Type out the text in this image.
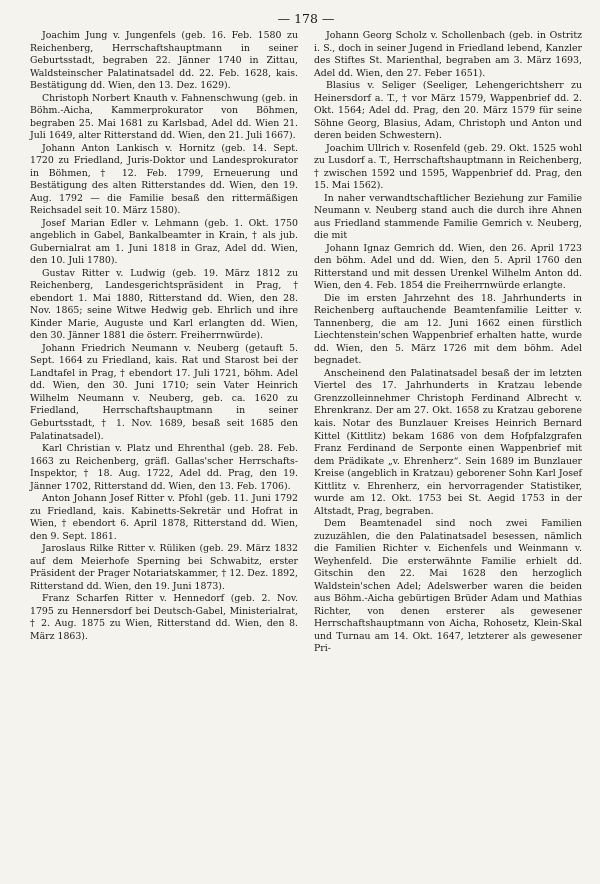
— 178 —

Joachim Jung v. Jungenfels (geb. 16. Feb. 1580 zu Reichenberg, Herrschaftshauptmann in seiner Geburtsstadt, begraben 22. Jänner 1740 in Zittau, Waldsteinscher Palatinatsadel dd. 22. Feb. 1628, kais. Bestätigung dd. Wien, den 13. Dez. 1629).

Christoph Norbert Knauth v. Fahnenschwung (geb. in Böhm.-Aicha, Kammerprokurator von Böhmen, begraben 25. Mai 1681 zu Karlsbad, Adel dd. Wien 21. Juli 1649, alter Ritterstand dd. Wien, den 21. Juli 1667).

Johann Anton Lankisch v. Hornitz (geb. 14. Sept. 1720 zu Friedland, Juris-Doktor und Landesprokurator in Böhmen, † 12. Feb. 1799, Erneuerung und Bestätigung des alten Ritterstandes dd. Wien, den 19. Aug. 1792 — die Familie besaß den rittermäßigen Reichsadel seit 10. März 1580).

Josef Marian Edler v. Lehmann (geb. 1. Okt. 1750 angeblich in Gabel, Bankalbeamter in Krain, † als jub. Gubernialrat am 1. Juni 1818 in Graz, Adel dd. Wien, den 10. Juli 1780).

Gustav Ritter v. Ludwig (geb. 19. März 1812 zu Reichenberg, Landesgerichtspräsident in Prag, † ebendort 1. Mai 1880, Ritterstand dd. Wien, den 28. Nov. 1865; seine Witwe Hedwig geb. Ehrlich und ihre Kinder Marie, Auguste und Karl erlangten dd. Wien, den 30. Jänner 1881 die österr. Freiherrnwürde).

Johann Friedrich Neumann v. Neuberg (getauft 5. Sept. 1664 zu Friedland, kais. Rat und Starost bei der Landtafel in Prag, † ebendort 17. Juli 1721, böhm. Adel dd. Wien, den 30. Juni 1710; sein Vater Heinrich Wilhelm Neumann v. Neuberg, geb. ca. 1620 zu Friedland, Herrschaftshauptmann in seiner Geburtsstadt, † 1. Nov. 1689, besaß seit 1685 den Palatinatsadel).

Karl Christian v. Platz und Ehrenthal (geb. 28. Feb. 1663 zu Reichenberg, gräfl. Gallas'scher Herrschafts-Inspektor, † 18. Aug. 1722, Adel dd. Prag, den 19. Jänner 1702, Ritterstand dd. Wien, den 13. Feb. 1706).

Anton Johann Josef Ritter v. Pfohl (geb. 11. Juni 1792 zu Friedland, kais. Kabinetts-Sekretär und Hofrat in Wien, † ebendort 6. April 1878, Ritterstand dd. Wien, den 9. Sept. 1861.

Jaroslaus Rilke Ritter v. Rüliken (geb. 29. März 1832 auf dem Meierhofe Sperning bei Schwabitz, erster Präsident der Prager Notariatskammer, † 12. Dez. 1892, Ritterstand dd. Wien, den 19. Juni 1873).

Franz Scharfen Ritter v. Hennedorf (geb. 2. Nov. 1795 zu Hennersdorf bei Deutsch-Gabel, Ministerialrat, † 2. Aug. 1875 zu Wien, Ritterstand dd. Wien, den 8. März 1863).

Johann Georg Scholz v. Schollenbach (geb. in Ostritz i. S., doch in seiner Jugend in Friedland lebend, Kanzler des Stiftes St. Marienthal, begraben am 3. März 1693, Adel dd. Wien, den 27. Feber 1651).

Blasius v. Seliger (Seeliger, Lehengerichtsherr zu Heinersdorf a. T., † vor März 1579, Wappenbrief dd. 2. Okt. 1564; Adel dd. Prag, den 20. März 1579 für seine Söhne Georg, Blasius, Adam, Christoph und Anton und deren beiden Schwestern).

Joachim Ullrich v. Rosenfeld (geb. 29. Okt. 1525 wohl zu Lusdorf a. T., Herrschaftshauptmann in Reichenberg, † zwischen 1592 und 1595, Wappenbrief dd. Prag, den 15. Mai 1562).

In naher verwandtschaftlicher Beziehung zur Familie Neumann v. Neuberg stand auch die durch ihre Ahnen aus Friedland stammende Familie Gemrich v. Neuberg, die mit

Johann Ignaz Gemrich dd. Wien, den 26. April 1723 den böhm. Adel und dd. Wien, den 5. April 1760 den Ritterstand und mit dessen Urenkel Wilhelm Anton dd. Wien, den 4. Feb. 1854 die Freiherrnwürde erlangte.

Die im ersten Jahrzehnt des 18. Jahrhunderts in Reichenberg auftauchende Beamtenfamilie Leitter v. Tannenberg, die am 12. Juni 1662 einen fürstlich Liechtenstein'schen Wappenbrief erhalten hatte, wurde dd. Wien, den 5. März 1726 mit dem böhm. Adel begnadet.

Anscheinend den Palatinatsadel besaß der im letzten Viertel des 17. Jahrhunderts in Kratzau lebende Grenzzolleinnehmer Christoph Ferdinand Albrecht v. Ehrenkranz. Der am 27. Okt. 1658 zu Kratzau geborene kais. Notar des Bunzlauer Kreises Heinrich Bernard Kittel (Kittlitz) bekam 1686 von dem Hofpfalzgrafen Franz Ferdinand de Serponte einen Wappenbrief mit dem Prädikate „v. Ehrenherz“. Sein 1689 im Bunzlauer Kreise (angeblich in Kratzau) geborener Sohn Karl Josef Kittlitz v. Ehrenherz, ein hervorragender Statistiker, wurde am 12. Okt. 1753 bei St. Aegid 1753 in der Altstadt, Prag, begraben.

Dem Beamtenadel sind noch zwei Familien zuzuzählen, die den Palatinatsadel besessen, nämlich die Familien Richter v. Eichenfels und Weinmann v. Weyhenfeld. Die ersterwähnte Familie erhielt dd. Gitschin den 22. Mai 1628 den herzoglich Waldstein'schen Adel; Adelswerber waren die beiden aus Böhm.-Aicha gebürtigen Brüder Adam und Mathias Richter, von denen ersterer als gewesener Herrschaftshauptmann von Aicha, Rohosetz, Klein-Skal und Turnau am 14. Okt. 1647, letzterer als gewesener Pri-
